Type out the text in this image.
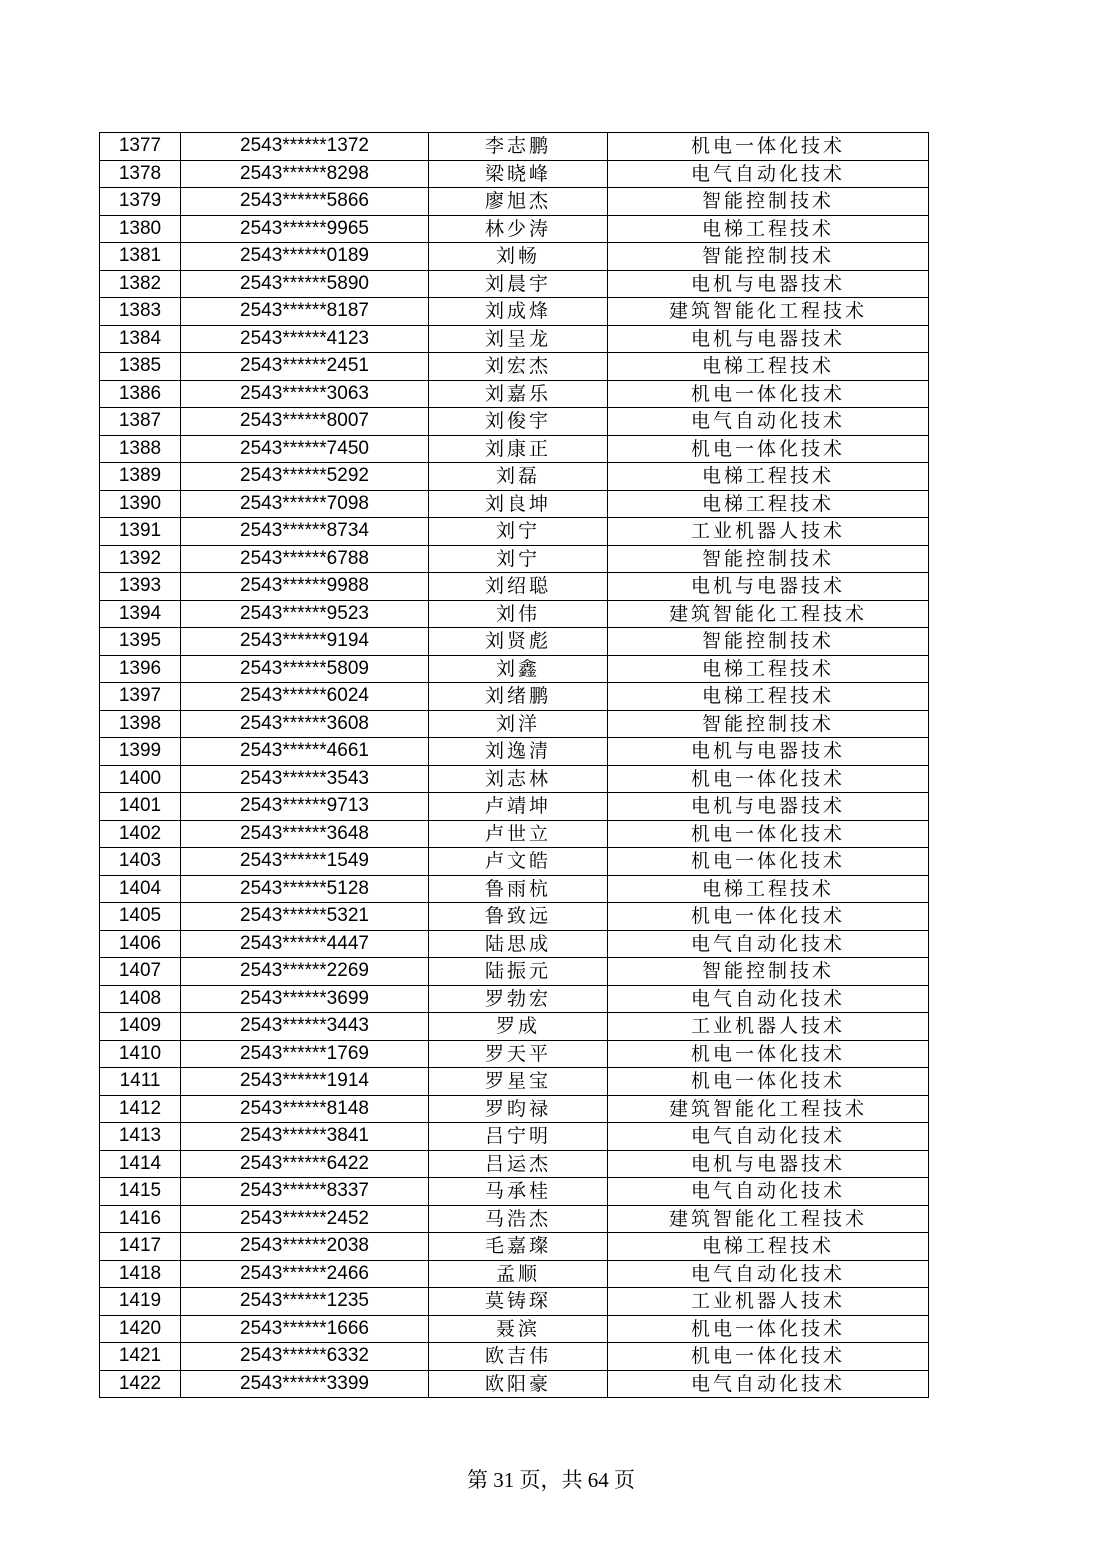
1377	2543******1372	李志鹏	机电一体化技术
1378	2543******8298	梁晓峰	电气自动化技术
1379	2543******5866	廖旭杰	智能控制技术
1380	2543******9965	林少涛	电梯工程技术
1381	2543******0189	刘畅	智能控制技术
1382	2543******5890	刘晨宇	电机与电器技术
1383	2543******8187	刘成烽	建筑智能化工程技术
1384	2543******4123	刘呈龙	电机与电器技术
1385	2543******2451	刘宏杰	电梯工程技术
1386	2543******3063	刘嘉乐	机电一体化技术
1387	2543******8007	刘俊宇	电气自动化技术
1388	2543******7450	刘康正	机电一体化技术
1389	2543******5292	刘磊	电梯工程技术
1390	2543******7098	刘良坤	电梯工程技术
1391	2543******8734	刘宁	工业机器人技术
1392	2543******6788	刘宁	智能控制技术
1393	2543******9988	刘绍聪	电机与电器技术
1394	2543******9523	刘伟	建筑智能化工程技术
1395	2543******9194	刘贤彪	智能控制技术
1396	2543******5809	刘鑫	电梯工程技术
1397	2543******6024	刘绪鹏	电梯工程技术
1398	2543******3608	刘洋	智能控制技术
1399	2543******4661	刘逸清	电机与电器技术
1400	2543******3543	刘志林	机电一体化技术
1401	2543******9713	卢靖坤	电机与电器技术
1402	2543******3648	卢世立	机电一体化技术
1403	2543******1549	卢文皓	机电一体化技术
1404	2543******5128	鲁雨杭	电梯工程技术
1405	2543******5321	鲁致远	机电一体化技术
1406	2543******4447	陆思成	电气自动化技术
1407	2543******2269	陆振元	智能控制技术
1408	2543******3699	罗勃宏	电气自动化技术
1409	2543******3443	罗成	工业机器人技术
1410	2543******1769	罗天平	机电一体化技术
1411	2543******1914	罗星宝	机电一体化技术
1412	2543******8148	罗昀禄	建筑智能化工程技术
1413	2543******3841	吕宁明	电气自动化技术
1414	2543******6422	吕运杰	电机与电器技术
1415	2543******8337	马承桂	电气自动化技术
1416	2543******2452	马浩杰	建筑智能化工程技术
1417	2543******2038	毛嘉璨	电梯工程技术
1418	2543******2466	孟顺	电气自动化技术
1419	2543******1235	莫铸琛	工业机器人技术
1420	2543******1666	聂滨	机电一体化技术
1421	2543******6332	欧吉伟	机电一体化技术
1422	2543******3399	欧阳豪	电气自动化技术
第 31 页，共 64 页
